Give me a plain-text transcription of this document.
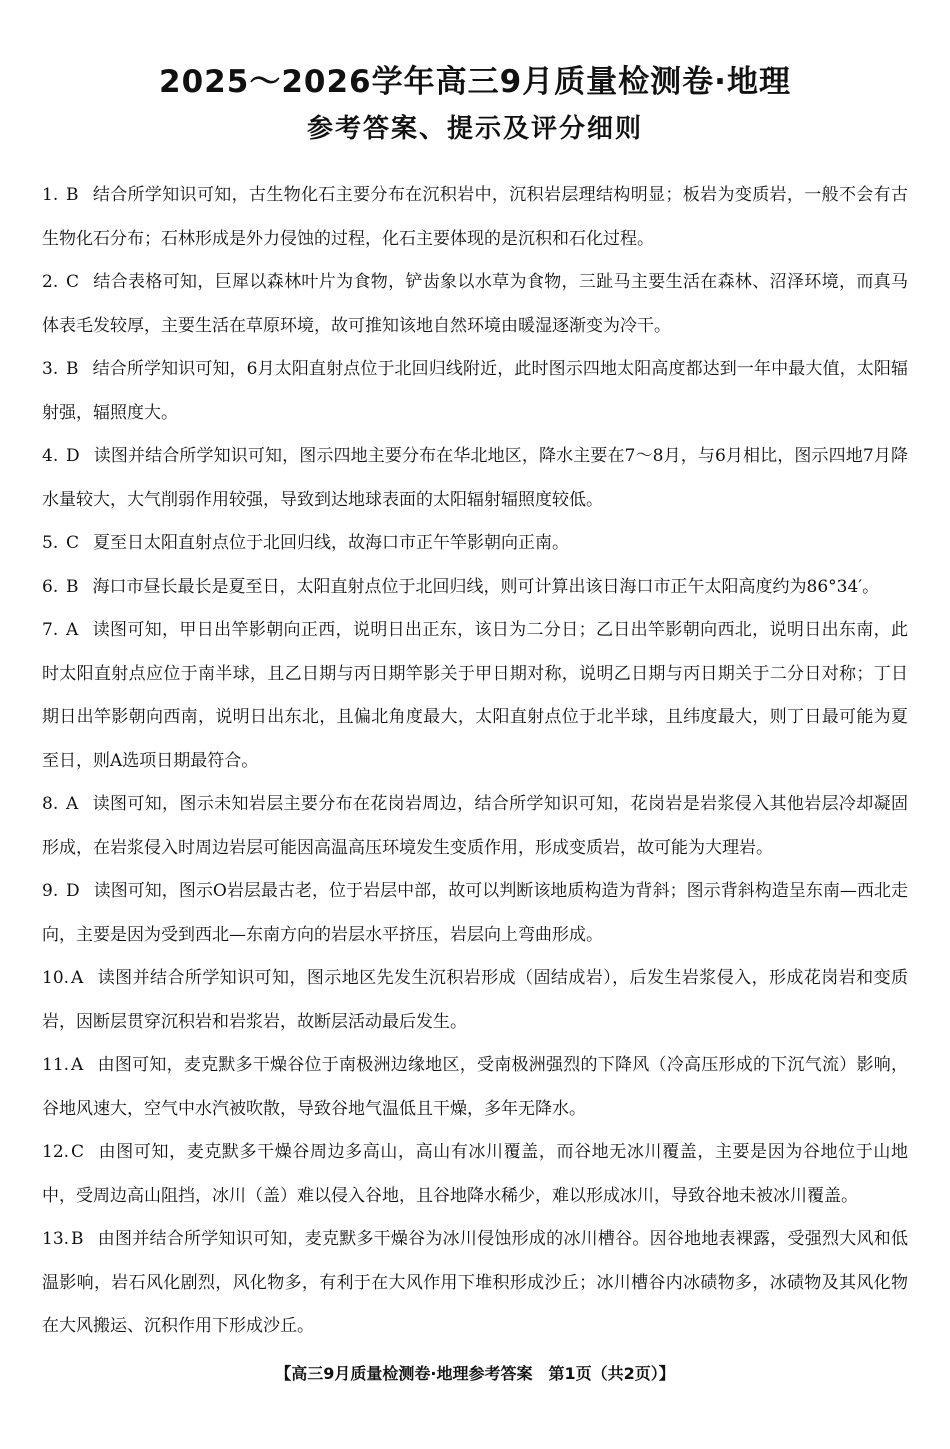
2025～2026学年高三9月质量检测卷·地理
参考答案、提示及评分细则

1. B 结合所学知识可知，古生物化石主要分布在沉积岩中，沉积岩层理结构明显；板岩为变质岩，一般不会有古生物化石分布；石林形成是外力侵蚀的过程，化石主要体现的是沉积和石化过程。

2. C 结合表格可知，巨犀以森林叶片为食物，铲齿象以水草为食物，三趾马主要生活在森林、沼泽环境，而真马体表毛发较厚，主要生活在草原环境，故可推知该地自然环境由暖湿逐渐变为冷干。

3. B 结合所学知识可知，6月太阳直射点位于北回归线附近，此时图示四地太阳高度都达到一年中最大值，太阳辐射强，辐照度大。

4. D 读图并结合所学知识可知，图示四地主要分布在华北地区，降水主要在7～8月，与6月相比，图示四地7月降水量较大，大气削弱作用较强，导致到达地球表面的太阳辐射辐照度较低。

5. C 夏至日太阳直射点位于北回归线，故海口市正午竿影朝向正南。

6. B 海口市昼长最长是夏至日，太阳直射点位于北回归线，则可计算出该日海口市正午太阳高度约为86°34′。

7. A 读图可知，甲日出竿影朝向正西，说明日出正东，该日为二分日；乙日出竿影朝向西北，说明日出东南，此时太阳直射点应位于南半球，且乙日期与丙日期竿影关于甲日期对称，说明乙日期与丙日期关于二分日对称；丁日期日出竿影朝向西南，说明日出东北，且偏北角度最大，太阳直射点位于北半球，且纬度最大，则丁日最可能为夏至日，则A选项日期最符合。

8. A 读图可知，图示未知岩层主要分布在花岗岩周边，结合所学知识可知，花岗岩是岩浆侵入其他岩层冷却凝固形成，在岩浆侵入时周边岩层可能因高温高压环境发生变质作用，形成变质岩，故可能为大理岩。

9. D 读图可知，图示O岩层最古老，位于岩层中部，故可以判断该地质构造为背斜；图示背斜构造呈东南—西北走向，主要是因为受到西北—东南方向的岩层水平挤压，岩层向上弯曲形成。

10. A 读图并结合所学知识可知，图示地区先发生沉积岩形成（固结成岩），后发生岩浆侵入，形成花岗岩和变质岩，因断层贯穿沉积岩和岩浆岩，故断层活动最后发生。

11. A 由图可知，麦克默多干燥谷位于南极洲边缘地区，受南极洲强烈的下降风（冷高压形成的下沉气流）影响，谷地风速大，空气中水汽被吹散，导致谷地气温低且干燥，多年无降水。

12. C 由图可知，麦克默多干燥谷周边多高山，高山有冰川覆盖，而谷地无冰川覆盖，主要是因为谷地位于山地中，受周边高山阻挡，冰川（盖）难以侵入谷地，且谷地降水稀少，难以形成冰川，导致谷地未被冰川覆盖。

13. B 由图并结合所学知识可知，麦克默多干燥谷为冰川侵蚀形成的冰川槽谷。因谷地地表裸露，受强烈大风和低温影响，岩石风化剧烈，风化物多，有利于在大风作用下堆积形成沙丘；冰川槽谷内冰碛物多，冰碛物及其风化物在大风搬运、沉积作用下形成沙丘。

【高三9月质量检测卷·地理参考答案　第1页（共2页）】
